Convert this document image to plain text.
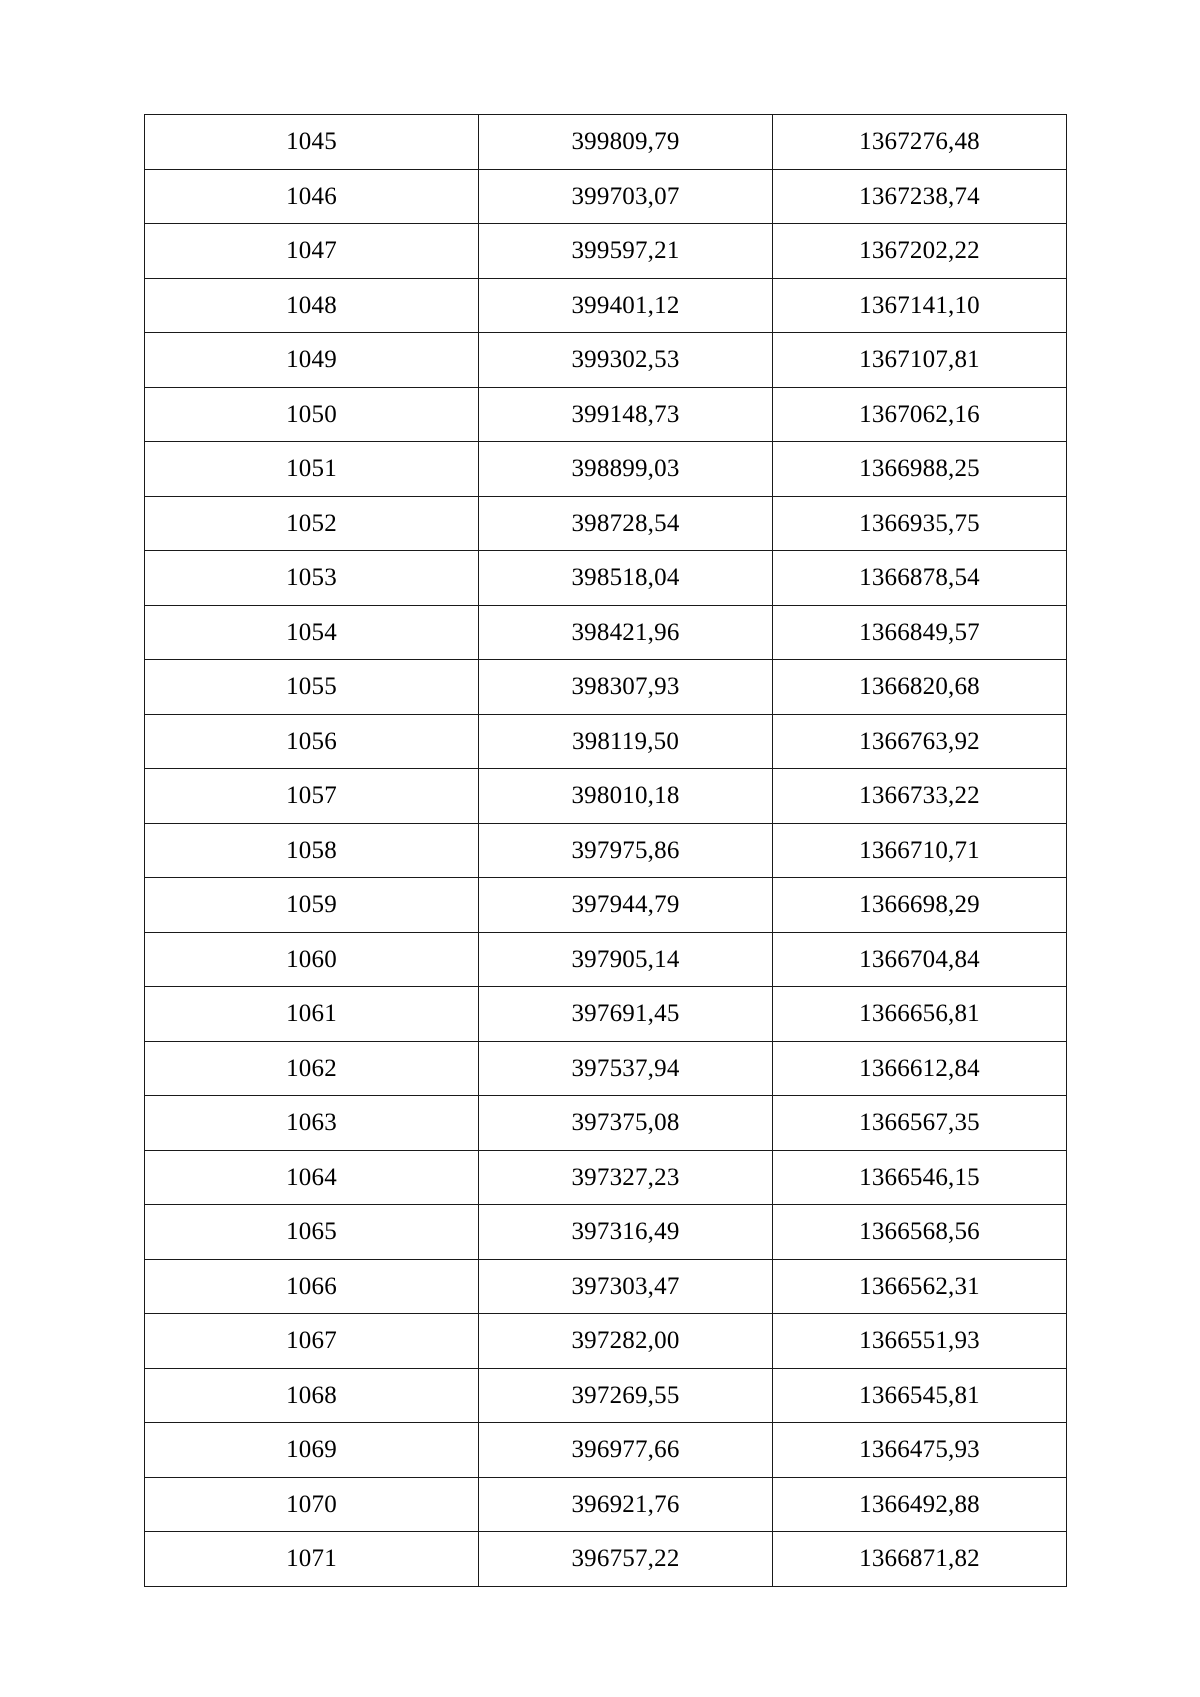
1045	399809,79	1367276,48
1046	399703,07	1367238,74
1047	399597,21	1367202,22
1048	399401,12	1367141,10
1049	399302,53	1367107,81
1050	399148,73	1367062,16
1051	398899,03	1366988,25
1052	398728,54	1366935,75
1053	398518,04	1366878,54
1054	398421,96	1366849,57
1055	398307,93	1366820,68
1056	398119,50	1366763,92
1057	398010,18	1366733,22
1058	397975,86	1366710,71
1059	397944,79	1366698,29
1060	397905,14	1366704,84
1061	397691,45	1366656,81
1062	397537,94	1366612,84
1063	397375,08	1366567,35
1064	397327,23	1366546,15
1065	397316,49	1366568,56
1066	397303,47	1366562,31
1067	397282,00	1366551,93
1068	397269,55	1366545,81
1069	396977,66	1366475,93
1070	396921,76	1366492,88
1071	396757,22	1366871,82
